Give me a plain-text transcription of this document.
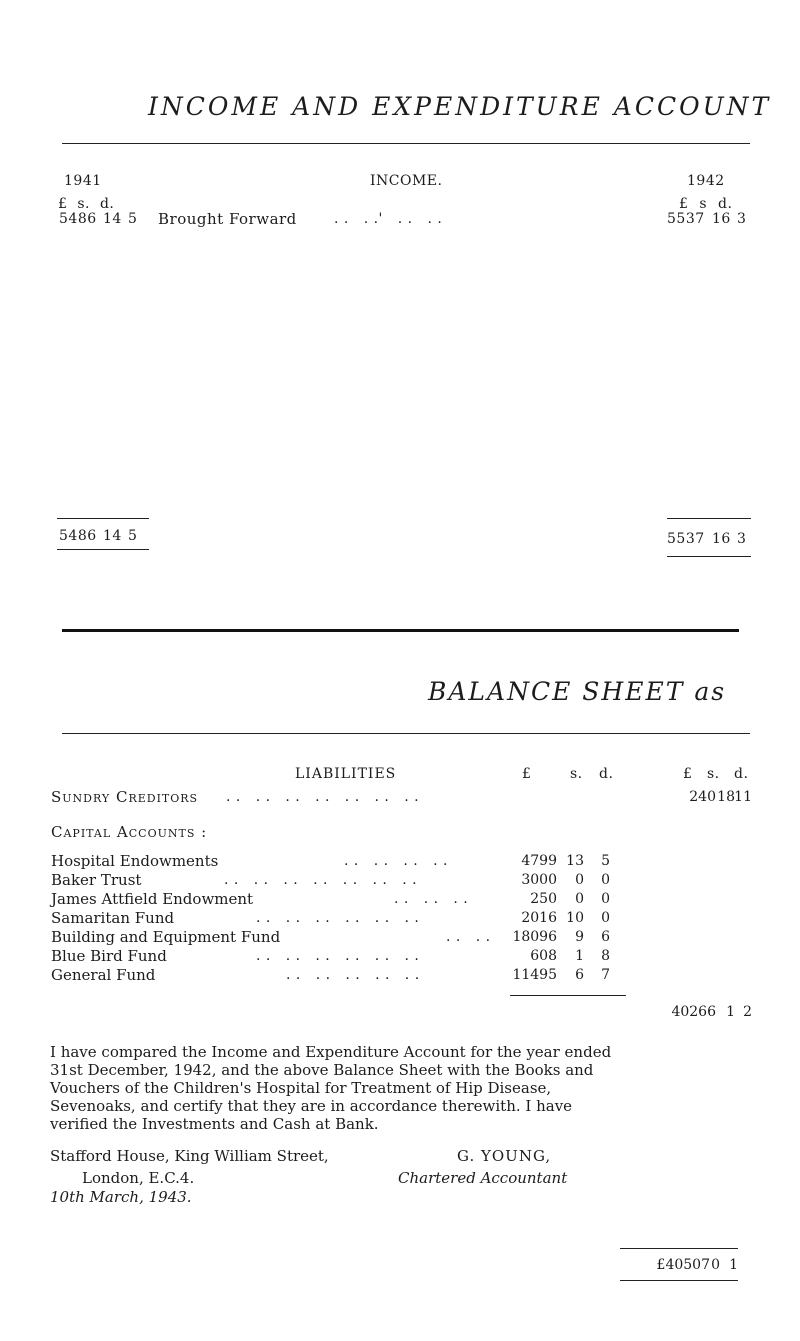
INCOME AND EXPENDITURE ACCOUNT
1941	INCOME.	1942
£ s. d.	£ s d.
5486 14 5 Brought Forward	. .   . .'   . .   . .	5537 16 3
5486 14 5	5537 16 3
BALANCE SHEET as
LIABILITIES	£	s. d.	£ s. d.
Sundry Creditors . .   . .   . .   . .   . .   . .   . .	240 18 11
Capital Accounts :
Hospital Endowments	. .   . .   . .   . .	4799 13 5
Baker Trust	. .   . .   . .   . .   . .   . .   . .	3000 0 0
James Attfield Endowment	. .   . .   . .	250 0 0
Samaritan Fund	. .   . .   . .   . .   . .   . .	2016 10 0
Building and Equipment Fund	. .   . . 18096 9 6
Blue Bird Fund	. .   . .   . .   . .   . .   . .	608 1 8
General Fund	. .   . .   . .   . .   . .	11495 6 7
40266 1 2
I have compared the Income and Expenditure Account for the year ended 31st December, 1942, and the above Balance Sheet with the Books and Vouchers of the Children's Hospital for Treatment of Hip Disease, Sevenoaks, and certify that they are in accordance therewith. I have verified the Investments and Cash at Bank.
Stafford House, King William Street,
London, E.C.4.
10th March, 1943.
G. YOUNG,
Chartered Accountant
£40507 0 1
